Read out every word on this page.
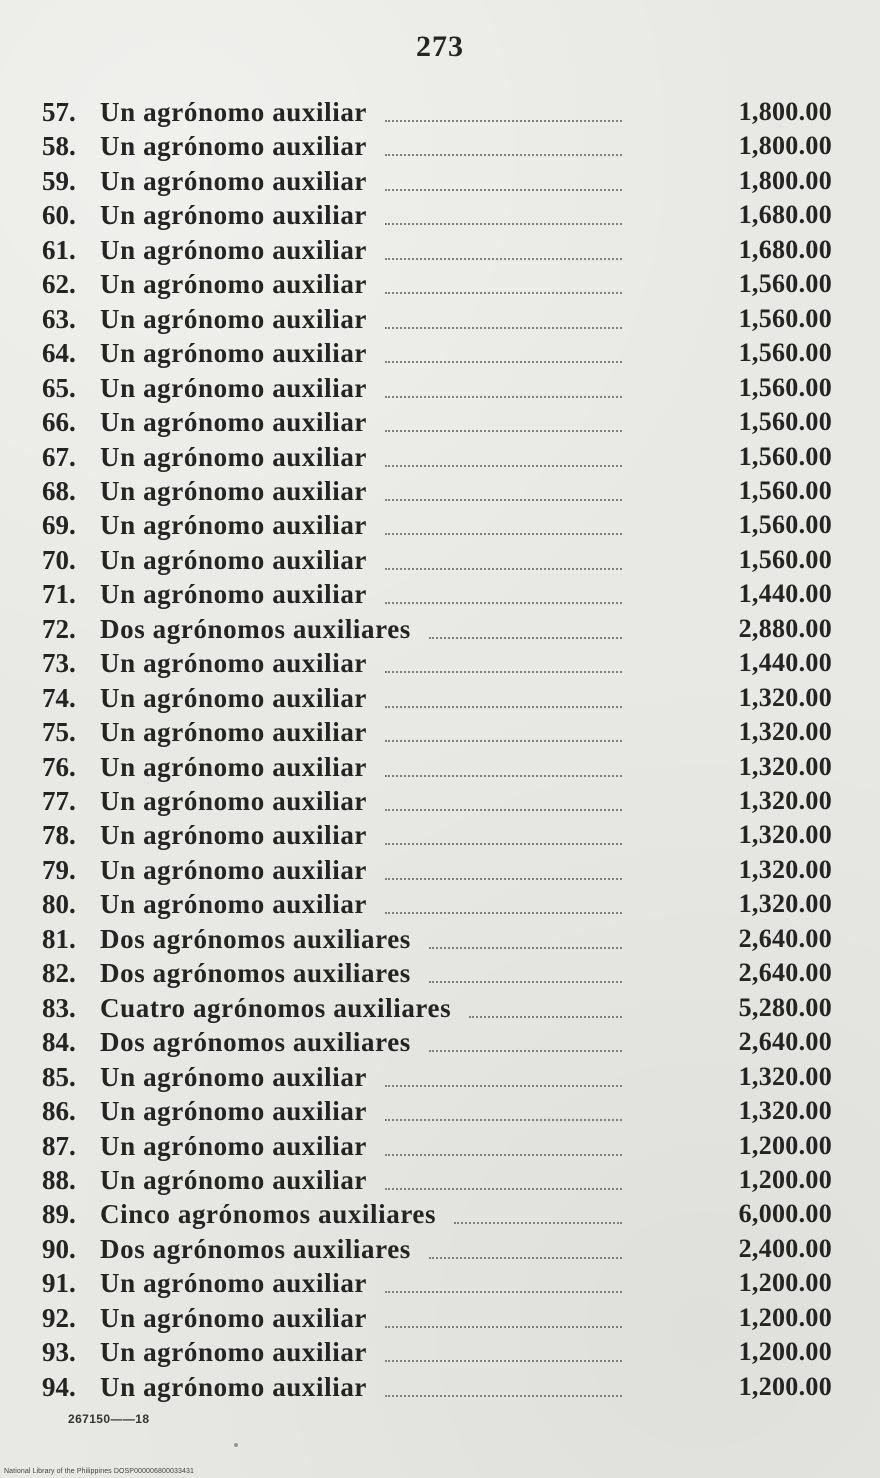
273
57. Un agrónomo auxiliar	1,800.00
58. Un agrónomo auxiliar	1,800.00
59. Un agrónomo auxiliar	1,800.00
60. Un agrónomo auxiliar	1,680.00
61. Un agrónomo auxiliar	1,680.00
62. Un agrónomo auxiliar	1,560.00
63. Un agrónomo auxiliar	1,560.00
64. Un agrónomo auxiliar	1,560.00
65. Un agrónomo auxiliar	1,560.00
66. Un agrónomo auxiliar	1,560.00
67. Un agrónomo auxiliar	1,560.00
68. Un agrónomo auxiliar	1,560.00
69. Un agrónomo auxiliar	1,560.00
70. Un agrónomo auxiliar	1,560.00
71. Un agrónomo auxiliar	1,440.00
72. Dos agrónomos auxiliares	2,880.00
73. Un agrónomo auxiliar	1,440.00
74. Un agrónomo auxiliar	1,320.00
75. Un agrónomo auxiliar	1,320.00
76. Un agrónomo auxiliar	1,320.00
77. Un agrónomo auxiliar	1,320.00
78. Un agrónomo auxiliar	1,320.00
79. Un agrónomo auxiliar	1,320.00
80. Un agrónomo auxiliar	1,320.00
81. Dos agrónomos auxiliares	2,640.00
82. Dos agrónomos auxiliares	2,640.00
83. Cuatro agrónomos auxiliares	5,280.00
84. Dos agrónomos auxiliares	2,640.00
85. Un agrónomo auxiliar	1,320.00
86. Un agrónomo auxiliar	1,320.00
87. Un agrónomo auxiliar	1,200.00
88. Un agrónomo auxiliar	1,200.00
89. Cinco agrónomos auxiliares	6,000.00
90. Dos agrónomos auxiliares	2,400.00
91. Un agrónomo auxiliar	1,200.00
92. Un agrónomo auxiliar	1,200.00
93. Un agrónomo auxiliar	1,200.00
94. Un agrónomo auxiliar	1,200.00
267150——18
National Library of the Philippines DOSP000006800033431
